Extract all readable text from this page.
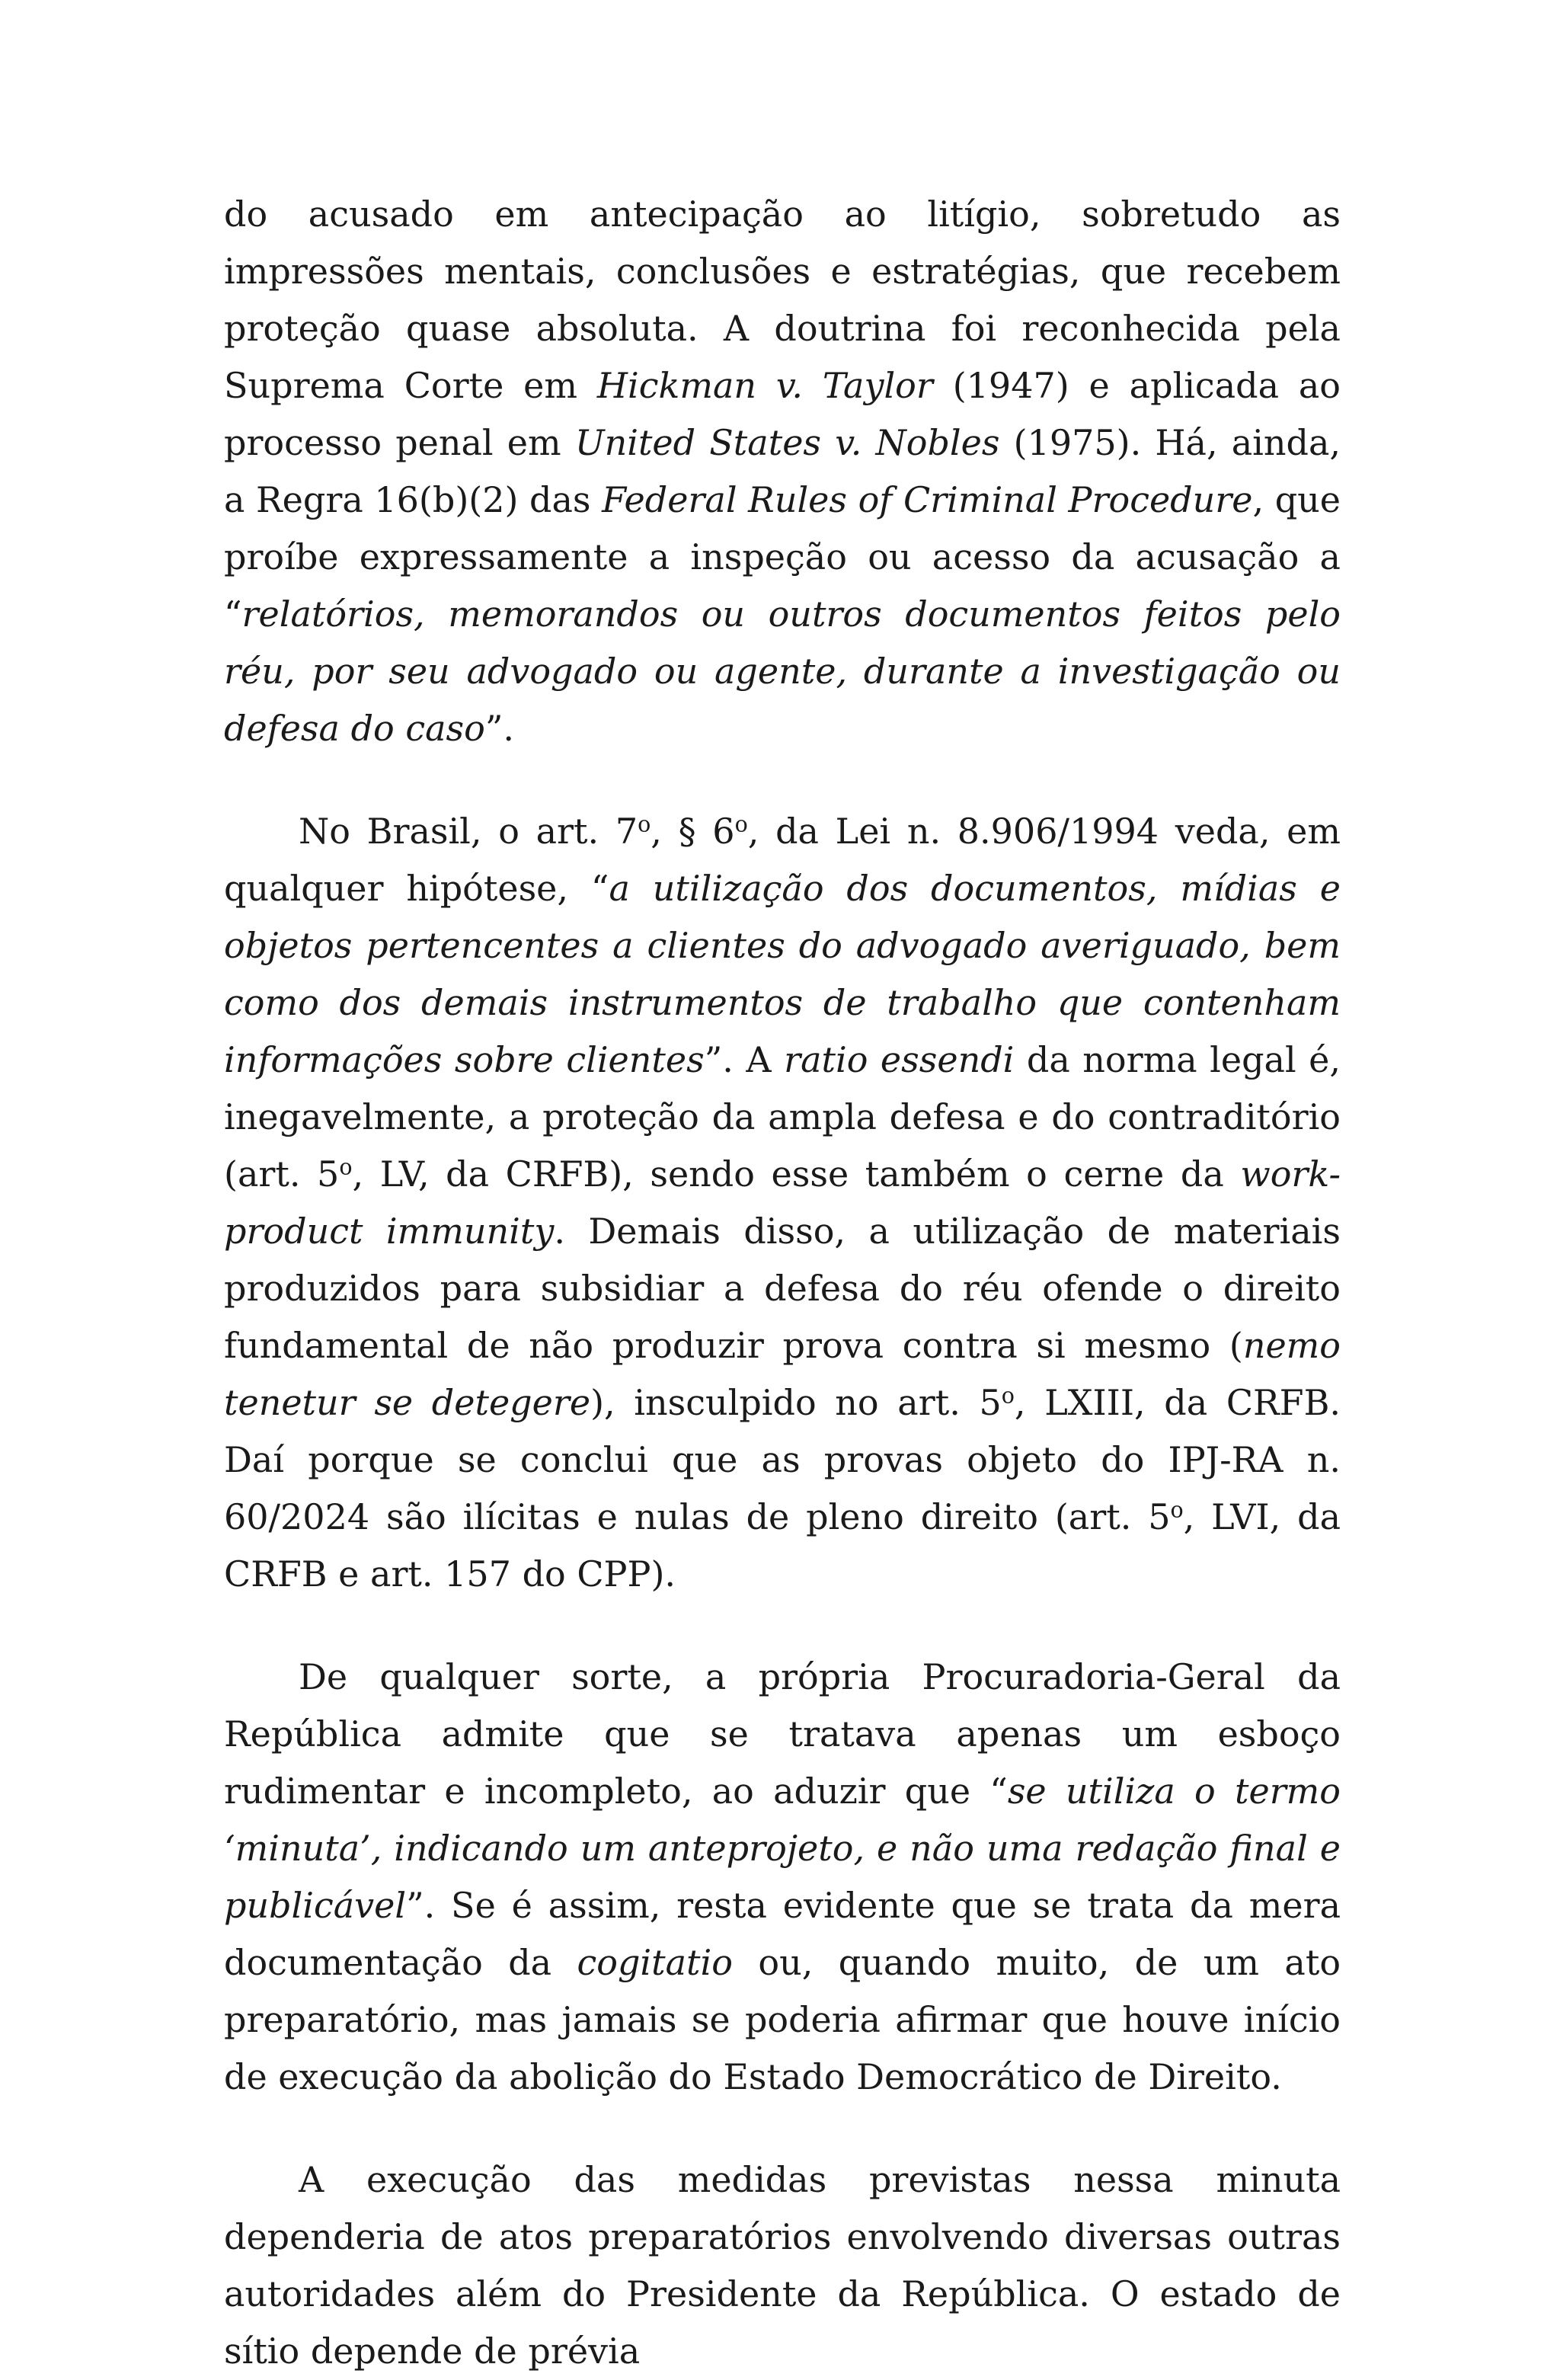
do acusado em antecipação ao litígio, sobretudo as impressões mentais, conclusões e estratégias, que recebem proteção quase absoluta. A doutrina foi reconhecida pela Suprema Corte em Hickman v. Taylor (1947) e aplicada ao processo penal em United States v. Nobles (1975). Há, ainda, a Regra 16(b)(2) das Federal Rules of Criminal Procedure, que proíbe expressamente a inspeção ou acesso da acusação a “relatórios, memorandos ou outros documentos feitos pelo réu, por seu advogado ou agente, durante a investigação ou defesa do caso”.

No Brasil, o art. 7$^o$, § 6$^o$, da Lei n. 8.906/1994 veda, em qualquer hipótese, “a utilização dos documentos, mídias e objetos pertencentes a clientes do advogado averiguado, bem como dos demais instrumentos de trabalho que contenham informações sobre clientes”. A ratio essendi da norma legal é, inegavelmente, a proteção da ampla defesa e do contraditório (art. 5$^o$, LV, da CRFB), sendo esse também o cerne da work-product immunity. Demais disso, a utilização de materiais produzidos para subsidiar a defesa do réu ofende o direito fundamental de não produzir prova contra si mesmo (nemo tenetur se detegere), insculpido no art. 5$^o$, LXIII, da CRFB. Daí porque se conclui que as provas objeto do IPJ-RA n. 60/2024 são ilícitas e nulas de pleno direito (art. 5$^o$, LVI, da CRFB e art. 157 do CPP).

De qualquer sorte, a própria Procuradoria-Geral da República admite que se tratava apenas um esboço rudimentar e incompleto, ao aduzir que “se utiliza o termo ‘minuta’, indicando um anteprojeto, e não uma redação final e publicável”. Se é assim, resta evidente que se trata da mera documentação da cogitatio ou, quando muito, de um ato preparatório, mas jamais se poderia afirmar que houve início de execução da abolição do Estado Democrático de Direito.

A execução das medidas previstas nessa minuta dependeria de atos preparatórios envolvendo diversas outras autoridades além do Presidente da República. O estado de sítio depende de prévia
